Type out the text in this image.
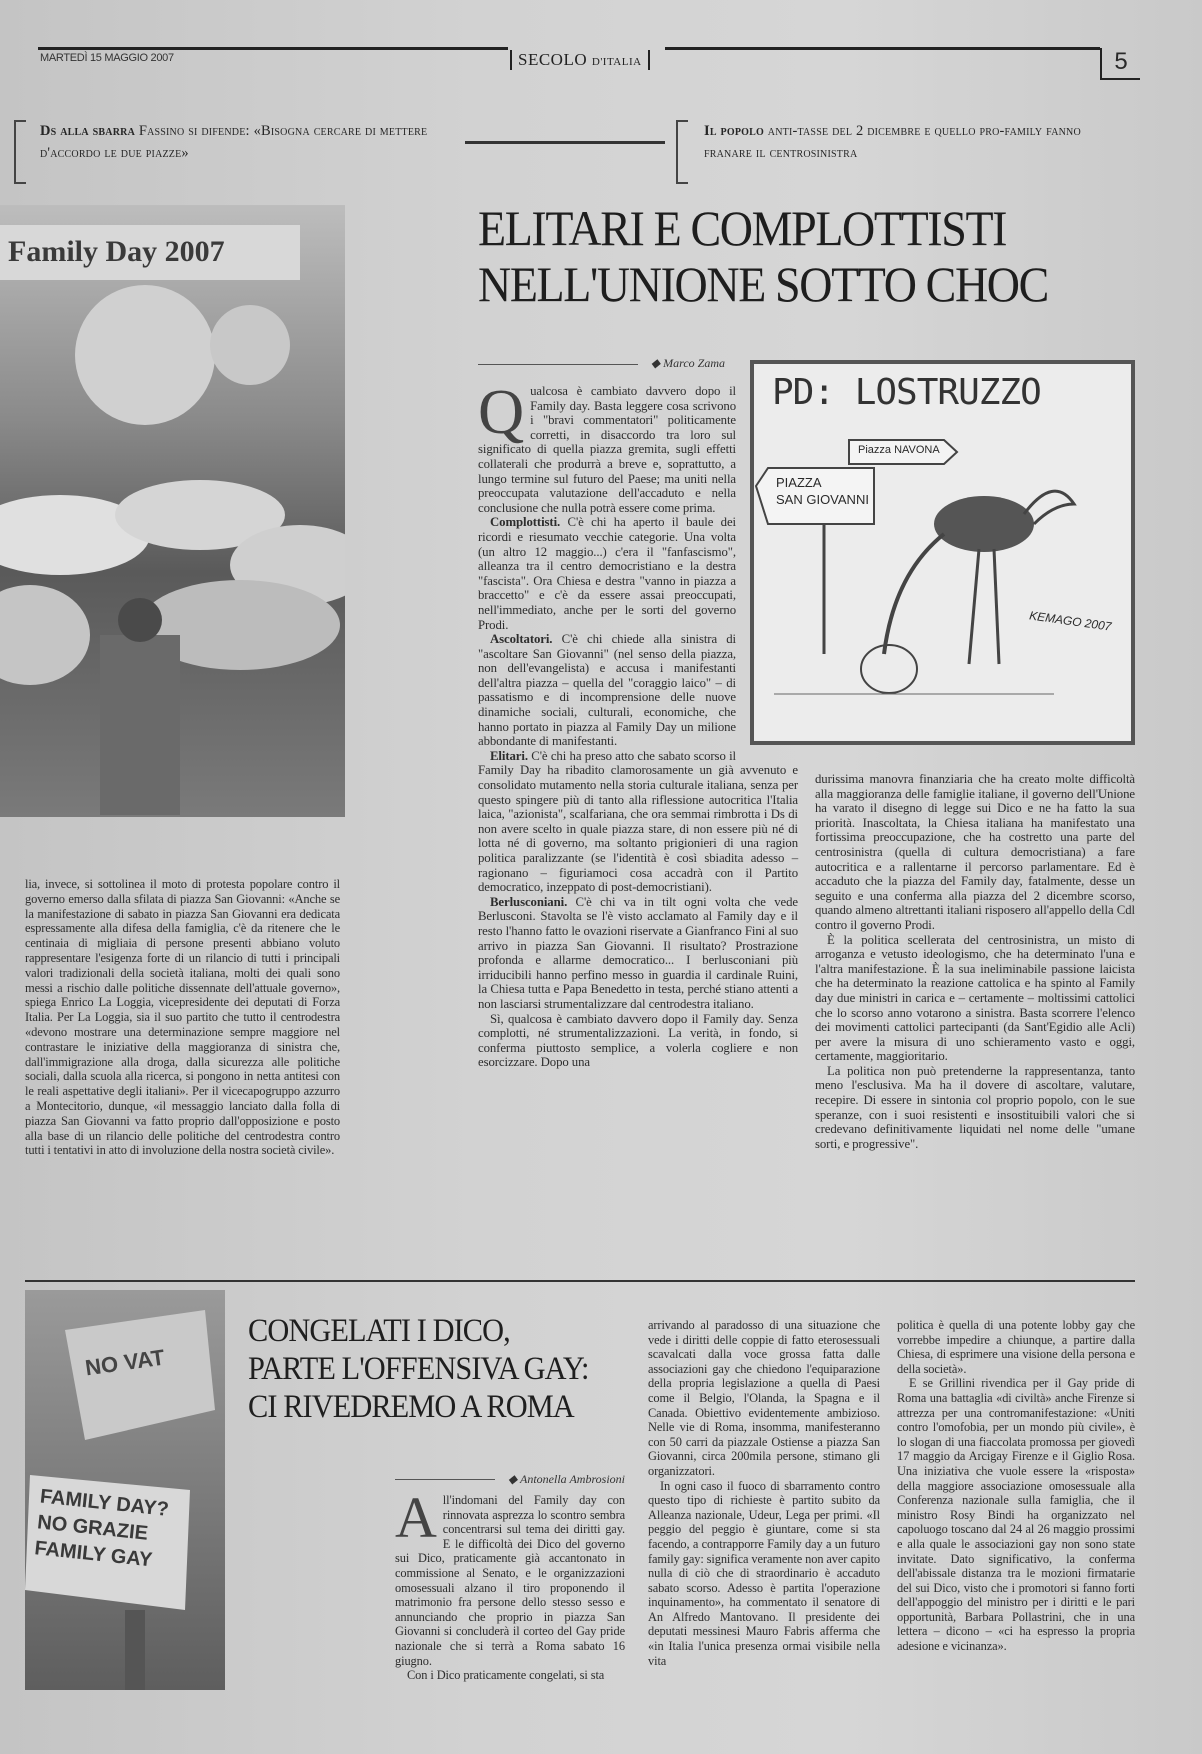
MARTEDÌ 15 MAGGIO 2007	SECOLO D'ITALIA	5
Ds alla sbarra Fassino si difende: «Bisogna cercare di mettere d'accordo le due piazze»
Il popolo anti-tasse del 2 dicembre e quello pro-family fanno franare il centrosinistra
Family Day 2007	ELITARI E COMPLOTTISTI
NELL'UNIONE SOTTO CHOC
◆ Marco Zama

Qualcosa è cambiato davvero dopo il Family day. Basta leggere cosa scrivono i "bravi commentatori" politicamente corretti, in disaccordo tra loro sul significato di quella piazza gremita, sugli effetti collaterali che produrrà a breve e, soprattutto, a lungo termine sul futuro del Paese; ma uniti nella preoccupata valutazione dell'accaduto e nella conclusione che nulla potrà essere come prima.

Complottisti. C'è chi ha aperto il baule dei ricordi e riesumato vecchie categorie. Una volta (un altro 12 maggio...) c'era il "fanfascismo", alleanza tra il centro democristiano e la destra "fascista". Ora Chiesa e destra "vanno in piazza a braccetto" e c'è da essere assai preoccupati, nell'immediato, anche per le sorti del governo Prodi.

Ascoltatori. C'è chi chiede alla sinistra di "ascoltare San Giovanni" (nel senso della piazza, non dell'evangelista) e accusa i manifestanti dell'altra piazza – quella del "coraggio laico" – di passatismo e di incomprensione delle nuove dinamiche sociali, culturali, economiche, che hanno portato in piazza al Family Day un milione abbondante di manifestanti.

Elitari. C'è chi ha preso atto che sabato scorso il Family Day ha ribadito clamorosamente un già avvenuto e consolidato mutamento nella storia culturale italiana, senza per questo spingere più di tanto alla riflessione autocritica l'Italia laica, "azionista", scalfariana, che ora semmai rimbrotta i Ds di non avere scelto in quale piazza stare, di non essere più né di lotta né di governo, ma soltanto prigionieri di una ragion politica paralizzante (se l'identità è così sbiadita adesso – ragionano – figuriamoci cosa accadrà con il Partito democratico, inzeppato di post-democristiani).

Berlusconiani. C'è chi va in tilt ogni volta che vede Berlusconi. Stavolta se l'è visto acclamato al Family day e il resto l'hanno fatto le ovazioni riservate a Gianfranco Fini al suo arrivo in piazza San Giovanni. Il risultato? Prostrazione profonda e allarme democratico... I berlusconiani più irriducibili hanno perfino messo in guardia il cardinale Ruini, la Chiesa tutta e Papa Benedetto in testa, perché stiano attenti a non lasciarsi strumentalizzare dal centrodestra italiano.

Sì, qualcosa è cambiato davvero dopo il Family day. Senza complotti, né strumentalizzazioni. La verità, in fondo, si conferma piuttosto semplice, a volerla cogliere e non esorcizzare. Dopo una

PD: LOSTRUZZO
Piazza NAVONA
PIAZZA
SAN GIOVANNI
KEMAGO 2007

durissima manovra finanziaria che ha creato molte difficoltà alla maggioranza delle famiglie italiane, il governo dell'Unione ha varato il disegno di legge sui Dico e ne ha fatto la sua priorità. Inascoltata, la Chiesa italiana ha manifestato una fortissima preoccupazione, che ha costretto una parte del centrosinistra (quella di cultura democristiana) a fare autocritica e a rallentarne il percorso parlamentare. Ed è accaduto che la piazza del Family day, fatalmente, desse un seguito e una conferma alla piazza del 2 dicembre scorso, quando almeno altrettanti italiani risposero all'appello della Cdl contro il governo Prodi.

È la politica scellerata del centrosinistra, un misto di arroganza e vetusto ideologismo, che ha determinato l'una e l'altra manifestazione. È la sua ineliminabile passione laicista che ha determinato la reazione cattolica e ha spinto al Family day due ministri in carica e – certamente – moltissimi cattolici che lo scorso anno votarono a sinistra. Basta scorrere l'elenco dei movimenti cattolici partecipanti (da Sant'Egidio alle Acli) per avere la misura di uno schieramento vasto e oggi, certamente, maggioritario.

La politica non può pretenderne la rappresentanza, tanto meno l'esclusiva. Ma ha il dovere di ascoltare, valutare, recepire. Di essere in sintonia col proprio popolo, con le sue speranze, con i suoi resistenti e insostituibili valori che si credevano definitivamente liquidati nel nome delle "umane sorti, e progressive".

lia, invece, si sottolinea il moto di protesta popolare contro il governo emerso dalla sfilata di piazza San Giovanni: «Anche se la manifestazione di sabato in piazza San Giovanni era dedicata espressamente alla difesa della famiglia, c'è da ritenere che le centinaia di migliaia di persone presenti abbiano voluto rappresentare l'esigenza forte di un rilancio di tutti i principali valori tradizionali della società italiana, molti dei quali sono messi a rischio dalle politiche dissennate dell'attuale governo», spiega Enrico La Loggia, vicepresidente dei deputati di Forza Italia. Per La Loggia, sia il suo partito che tutto il centrodestra «devono mostrare una determinazione sempre maggiore nel contrastare le iniziative della maggioranza di sinistra che, dall'immigrazione alla droga, dalla sicurezza alle politiche sociali, dalla scuola alla ricerca, si pongono in netta antitesi con le reali aspettative degli italiani». Per il vicecapogruppo azzurro a Montecitorio, dunque, «il messaggio lanciato dalla folla di piazza San Giovanni va fatto proprio dall'opposizione e posto alla base di un rilancio delle politiche del centrodestra contro tutti i tentativi in atto di involuzione della nostra società civile».

NO VAT
FAMILY DAY?
NO GRAZIE
FAMILY GAY
CONGELATI I DICO,
PARTE L'OFFENSIVA GAY:
CI RIVEDREMO A ROMA
◆ Antonella Ambrosioni

All'indomani del Family day con rinnovata asprezza lo scontro sembra concentrarsi sul tema dei diritti gay. E le difficoltà dei Dico del governo sui Dico, praticamente già accantonato in commissione al Senato, e le organizzazioni omosessuali alzano il tiro proponendo il matrimonio fra persone dello stesso sesso e annunciando che proprio in piazza San Giovanni si concluderà il corteo del Gay pride nazionale che si terrà a Roma sabato 16 giugno.

Con i Dico praticamente congelati, si sta

arrivando al paradosso di una situazione che vede i diritti delle coppie di fatto eterosessuali scavalcati dalla voce grossa fatta dalle associazioni gay che chiedono l'equiparazione della propria legislazione a quella di Paesi come il Belgio, l'Olanda, la Spagna e il Canada. Obiettivo evidentemente ambizioso. Nelle vie di Roma, insomma, manifesteranno con 50 carri da piazzale Ostiense a piazza San Giovanni, circa 200mila persone, stimano gli organizzatori.

In ogni caso il fuoco di sbarramento contro questo tipo di richieste è partito subito da Alleanza nazionale, Udeur, Lega per primi. «Il peggio del peggio è giuntare, come si sta facendo, a contrapporre Family day a un futuro family gay: significa veramente non aver capito nulla di ciò che di straordinario è accaduto sabato scorso. Adesso è partita l'operazione inquinamento», ha commentato il senatore di An Alfredo Mantovano. Il presidente dei deputati messinesi Mauro Fabris afferma che «in Italia l'unica presenza ormai visibile nella vita

politica è quella di una potente lobby gay che vorrebbe impedire a chiunque, a partire dalla Chiesa, di esprimere una visione della persona e della società».

E se Grillini rivendica per il Gay pride di Roma una battaglia «di civiltà» anche Firenze si attrezza per una contromanifestazione: «Uniti contro l'omofobia, per un mondo più civile», è lo slogan di una fiaccolata promossa per giovedì 17 maggio da Arcigay Firenze e il Giglio Rosa. Una iniziativa che vuole essere la «risposta» della maggiore associazione omosessuale alla Conferenza nazionale sulla famiglia, che il ministro Rosy Bindi ha organizzato nel capoluogo toscano dal 24 al 26 maggio prossimi e alla quale le associazioni gay non sono state invitate. Dato significativo, la conferma dell'abissale distanza tra le mozioni firmatarie del sui Dico, visto che i promotori si fanno forti dell'appoggio del ministro per i diritti e le pari opportunità, Barbara Pollastrini, che in una lettera – dicono – «ci ha espresso la propria adesione e vicinanza».
